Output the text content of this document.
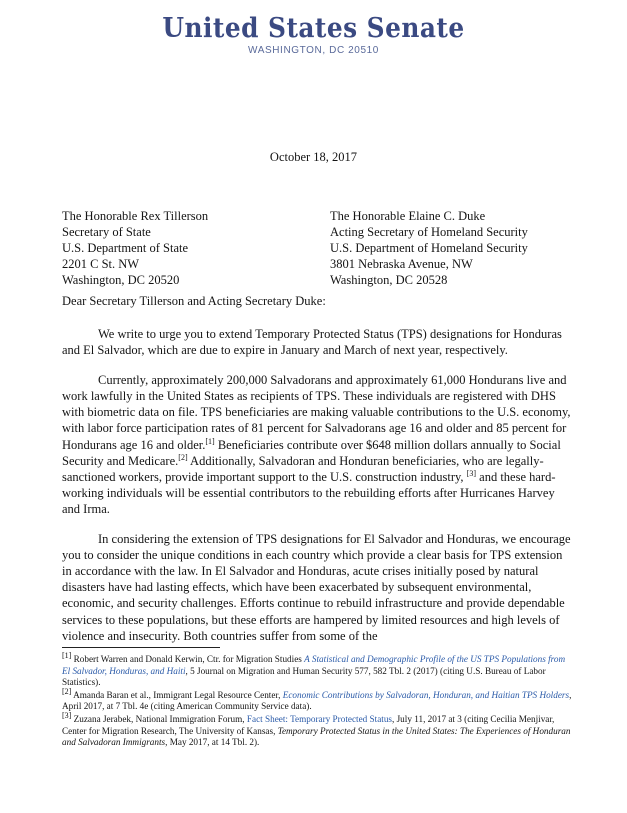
United States Senate
WASHINGTON, DC 20510
October 18, 2017
The Honorable Rex Tillerson
Secretary of State
U.S. Department of State
2201 C St. NW
Washington, DC 20520
The Honorable Elaine C. Duke
Acting Secretary of Homeland Security
U.S. Department of Homeland Security
3801 Nebraska Avenue, NW
Washington, DC 20528
Dear Secretary Tillerson and Acting Secretary Duke:

We write to urge you to extend Temporary Protected Status (TPS) designations for Honduras and El Salvador, which are due to expire in January and March of next year, respectively.

Currently, approximately 200,000 Salvadorans and approximately 61,000 Hondurans live and work lawfully in the United States as recipients of TPS. These individuals are registered with DHS with biometric data on file. TPS beneficiaries are making valuable contributions to the U.S. economy, with labor force participation rates of 81 percent for Salvadorans age 16 and older and 85 percent for Hondurans age 16 and older.[1] Beneficiaries contribute over $648 million dollars annually to Social Security and Medicare.[2] Additionally, Salvadoran and Honduran beneficiaries, who are legally-sanctioned workers, provide important support to the U.S. construction industry, [3] and these hard-working individuals will be essential contributors to the rebuilding efforts after Hurricanes Harvey and Irma.

In considering the extension of TPS designations for El Salvador and Honduras, we encourage you to consider the unique conditions in each country which provide a clear basis for TPS extension in accordance with the law. In El Salvador and Honduras, acute crises initially posed by natural disasters have had lasting effects, which have been exacerbated by subsequent environmental, economic, and security challenges. Efforts continue to rebuild infrastructure and provide dependable services to these populations, but these efforts are hampered by limited resources and high levels of violence and insecurity. Both countries suffer from some of the

[1] Robert Warren and Donald Kerwin, Ctr. for Migration Studies A Statistical and Demographic Profile of the US TPS Populations from El Salvador, Honduras, and Haiti, 5 Journal on Migration and Human Security 577, 582 Tbl. 2 (2017) (citing U.S. Bureau of Labor Statistics).
[2] Amanda Baran et al., Immigrant Legal Resource Center, Economic Contributions by Salvadoran, Honduran, and Haitian TPS Holders, April 2017, at 7 Tbl. 4e (citing American Community Service data).
[3] Zuzana Jerabek, National Immigration Forum, Fact Sheet: Temporary Protected Status, July 11, 2017 at 3 (citing Cecilia Menjivar, Center for Migration Research, The University of Kansas, Temporary Protected Status in the United States: The Experiences of Honduran and Salvadoran Immigrants, May 2017, at 14 Tbl. 2).
